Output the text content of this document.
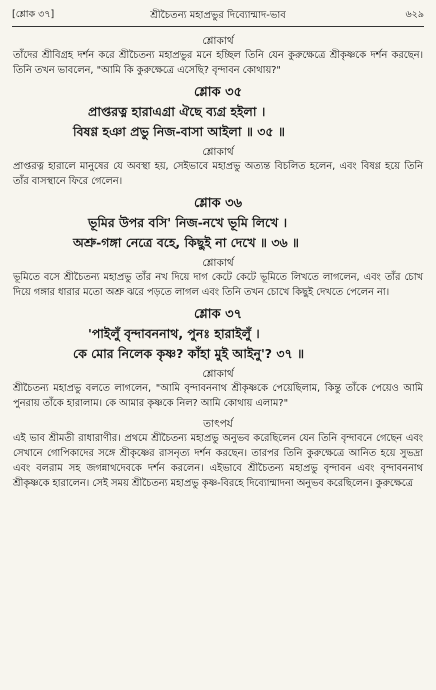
[শ্লোক ৩৭]	শ্রীচৈতন্য মহাপ্রভুর দিব্যোন্মাদ-ভাব	৬২৯
শ্লোকার্থ

তাঁদের শ্রীবিগ্রহ দর্শন করে শ্রীচৈতন্য মহাপ্রভুর মনে হচ্ছিল তিনি যেন কুরুক্ষেত্রে শ্রীকৃষ্ণকে দর্শন করছেন। তিনি তখন ভাবলেন, "আমি কি কুরুক্ষেত্রে এসেছি? বৃন্দাবন কোথায়?"

শ্লোক ৩৫
প্রাপ্তরত্ন হারাএগ্রা ঐছে ব্যগ্র হইলা ।
বিষণ্ণ হঞা প্রভু নিজ-বাসা আইলা ॥ ৩৫ ॥
শ্লোকার্থ

প্রাপ্তরত্ন হারালে মানুষের যে অবস্থা হয়, সেইভাবে মহাপ্রভু অত্যন্ত বিচলিত হলেন, এবং বিষণ্ণ হয়ে তিনি তাঁর বাসস্থানে ফিরে গেলেন।

শ্লোক ৩৬
ভূমির উপর বসি' নিজ-নখে ভূমি লিখে ।
অশ্রু-গঙ্গা নেত্রে বহে, কিছুই না দেখে ॥ ৩৬ ॥
শ্লোকার্থ

ভূমিতে বসে শ্রীচৈতন্য মহাপ্রভু তাঁর নখ দিয়ে দাগ কেটে কেটে ভূমিতে লিখতে লাগলেন, এবং তাঁর চোখ দিয়ে গঙ্গার ধারার মতো অশ্রু ঝরে পড়তে লাগল এবং তিনি তখন চোখে কিছুই দেখতে পেলেন না।

শ্লোক ৩৭
'পাইলুঁ বৃন্দাবননাথ, পুনঃ হারাইলুঁ ।
কে মোর নিলেক কৃষ্ণ? কাঁহা মুই আইনু'? ৩৭ ॥
শ্লোকার্থ

শ্রীচৈতন্য মহাপ্রভু বলতে লাগলেন, "আমি বৃন্দাবননাথ শ্রীকৃষ্ণকে পেয়েছিলাম, কিন্তু তাঁকে পেয়েও আমি পুনরায় তাঁকে হারালাম। কে আমার কৃষ্ণকে নিল? আমি কোথায় এলাম?"

তাৎপর্য

এই ভাব শ্রীমতী রাধারাণীর। প্রথমে শ্রীচৈতন্য মহাপ্রভু অনুভব করেছিলেন যেন তিনি বৃন্দাবনে গেছেন এবং সেখানে গোপিকাদের সঙ্গে শ্রীকৃষ্ণের রাসনৃত্য দর্শন করছেন। তারপর তিনি কুরুক্ষেত্রে আনিত হয়ে সুভদ্রা এবং বলরাম সহ জগন্নাথদেবকে দর্শন করলেন। এইভাবে শ্রীচৈতন্য মহাপ্রভু বৃন্দাবন এবং বৃন্দাবননাথ শ্রীকৃষ্ণকে হারালেন। সেই সময় শ্রীচৈতন্য মহাপ্রভু কৃষ্ণ-বিরহে দিব্যোন্মাদনা অনুভব করেছিলেন। কুরুক্ষেত্রে
